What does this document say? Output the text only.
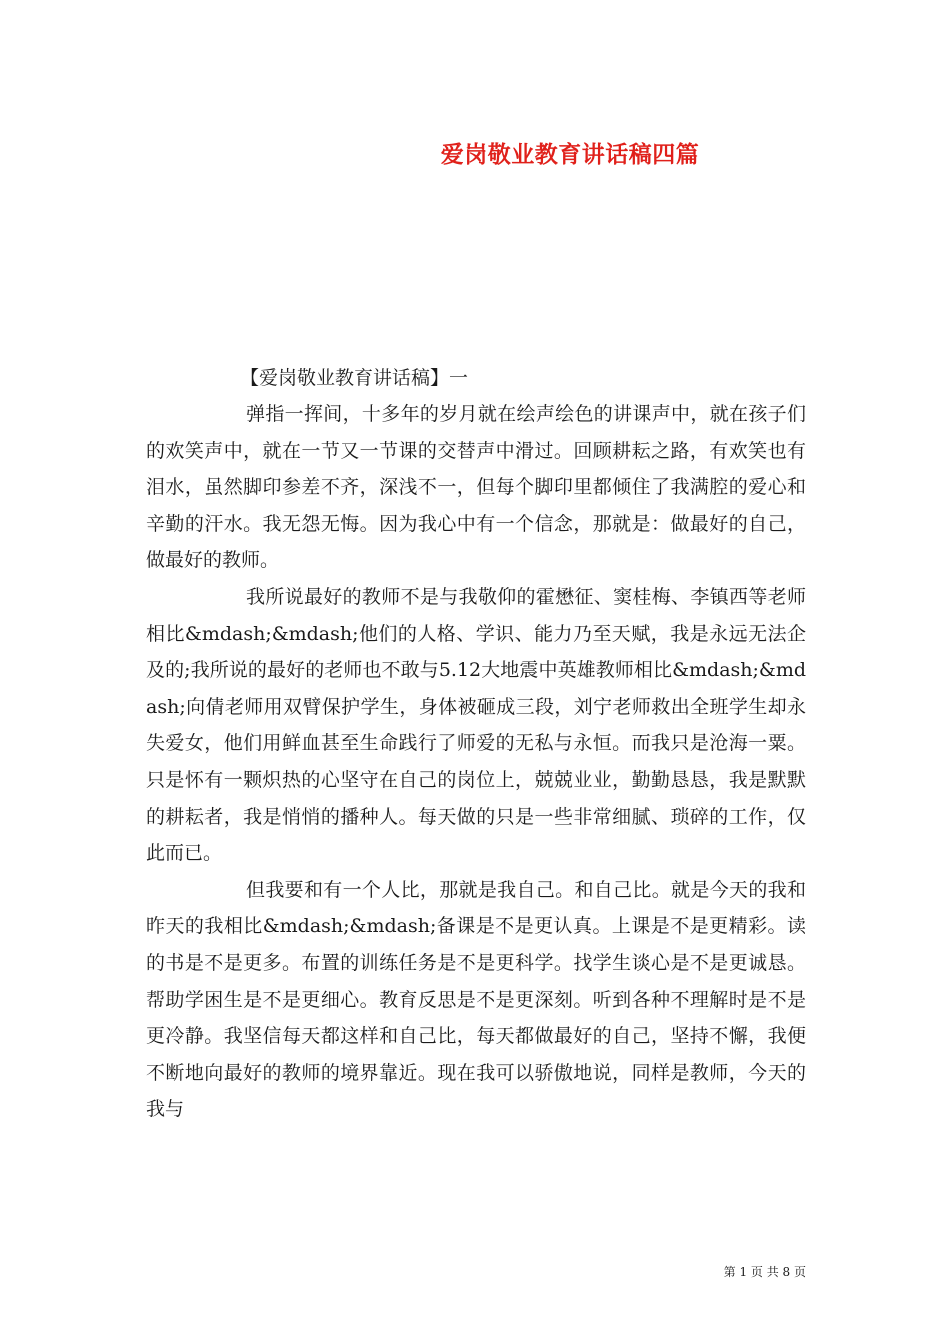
爱岗敬业教育讲话稿四篇
【爱岗敬业教育讲话稿】一

弹指一挥间，十多年的岁月就在绘声绘色的讲课声中，就在孩子们的欢笑声中，就在一节又一节课的交替声中滑过。回顾耕耘之路，有欢笑也有泪水，虽然脚印参差不齐，深浅不一，但每个脚印里都倾住了我满腔的爱心和辛勤的汗水。我无怨无悔。因为我心中有一个信念，那就是：做最好的自己，做最好的教师。

我所说最好的教师不是与我敬仰的霍懋征、窦桂梅、李镇西等老师相比&mdash;&mdash;他们的人格、学识、能力乃至天赋，我是永远无法企及的;我所说的最好的老师也不敢与5.12大地震中英雄教师相比&mdash;&mdash;向倩老师用双臂保护学生，身体被砸成三段，刘宁老师救出全班学生却永失爱女，他们用鲜血甚至生命践行了师爱的无私与永恒。而我只是沧海一粟。只是怀有一颗炽热的心坚守在自己的岗位上，兢兢业业，勤勤恳恳，我是默默的耕耘者，我是悄悄的播种人。每天做的只是一些非常细腻、琐碎的工作，仅此而已。

但我要和有一个人比，那就是我自己。和自己比。就是今天的我和昨天的我相比&mdash;&mdash;备课是不是更认真。上课是不是更精彩。读的书是不是更多。布置的训练任务是不是更科学。找学生谈心是不是更诚恳。帮助学困生是不是更细心。教育反思是不是更深刻。听到各种不理解时是不是更冷静。我坚信每天都这样和自己比，每天都做最好的自己，坚持不懈，我便不断地向最好的教师的境界靠近。现在我可以骄傲地说，同样是教师，今天的我与

第 1 页 共 8 页
